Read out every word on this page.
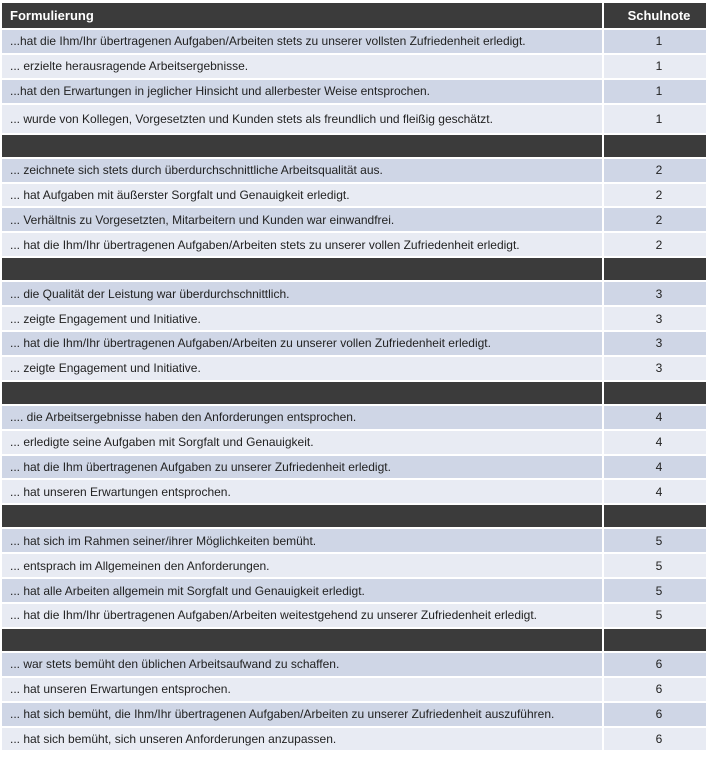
Formulierung	Schulnote
...hat die Ihm/Ihr übertragenen Aufgaben/Arbeiten stets zu unserer vollsten Zufriedenheit erledigt.	1
... erzielte herausragende Arbeitsergebnisse.	1
...hat den Erwartungen in jeglicher Hinsicht und allerbester Weise entsprochen.	1
... wurde von Kollegen, Vorgesetzten und Kunden stets als freundlich und fleißig geschätzt.	1

... zeichnete sich stets durch überdurchschnittliche Arbeitsqualität aus.	2
... hat Aufgaben mit äußerster Sorgfalt und Genauigkeit erledigt.	2
... Verhältnis zu Vorgesetzten, Mitarbeitern und Kunden war einwandfrei.	2
... hat die Ihm/Ihr übertragenen Aufgaben/Arbeiten stets zu unserer vollen Zufriedenheit erledigt.	2

... die Qualität der Leistung war überdurchschnittlich.	3
... zeigte Engagement und Initiative.	3
... hat die Ihm/Ihr übertragenen Aufgaben/Arbeiten zu unserer vollen Zufriedenheit erledigt.	3
... zeigte Engagement und Initiative.	3

.... die Arbeitsergebnisse haben den Anforderungen entsprochen.	4
... erledigte seine Aufgaben mit Sorgfalt und Genauigkeit.	4
... hat die Ihm übertragenen Aufgaben zu unserer Zufriedenheit erledigt.	4
... hat unseren Erwartungen entsprochen.	4

... hat sich im Rahmen seiner/ihrer Möglichkeiten bemüht.	5
... entsprach im Allgemeinen den Anforderungen.	5
... hat alle Arbeiten allgemein mit Sorgfalt und Genauigkeit erledigt.	5
... hat die Ihm/Ihr übertragenen Aufgaben/Arbeiten weitestgehend zu unserer Zufriedenheit erledigt.	5

... war stets bemüht den üblichen Arbeitsaufwand zu schaffen.	6
... hat unseren Erwartungen entsprochen.	6
... hat sich bemüht, die Ihm/Ihr übertragenen Aufgaben/Arbeiten zu unserer Zufriedenheit auszuführen.	6
... hat sich bemüht, sich unseren Anforderungen anzupassen.	6
